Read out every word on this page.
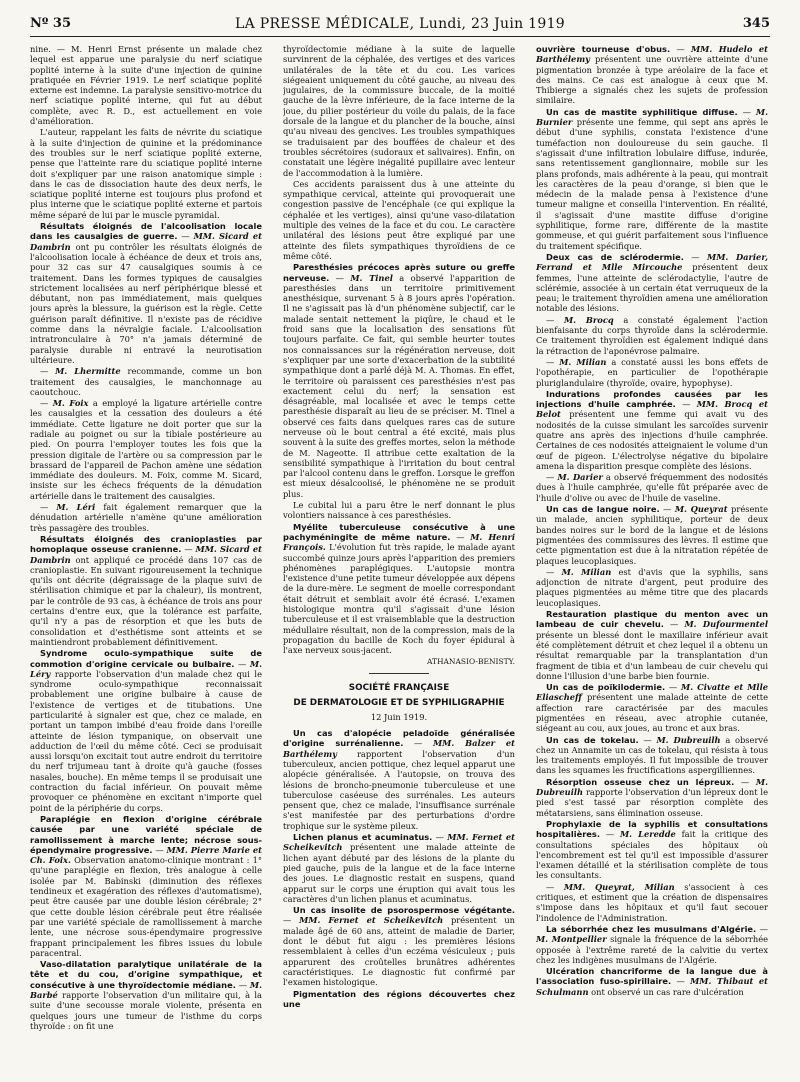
Nº 35	LA PRESSE MÉDICALE, Lundi, 23 Juin 1919	345

nine. — M. Henri Ernst présente un malade chez lequel est apparue une paralysie du nerf sciatique poplité interne à la suite d'une injection de quinine pratiquée en Février 1919. Le nerf sciatique poplité externe est indemne. La paralysie sensitivo-motrice du nerf sciatique poplité interne, qui fut au début complète, avec R. D., est actuellement en voie d'amélioration.

L'auteur, rappelant les faits de névrite du sciatique à la suite d'injection de quinine et la prédominance des troubles sur le nerf sciatique poplité externe, pense que l'atteinte rare du sciatique poplité interne doit s'expliquer par une raison anatomique simple : dans le cas de dissociation haute des deux nerfs, le sciatique poplité interne est toujours plus profond et plus interne que le sciatique poplité externe et partois même séparé de lui par le muscle pyramidal.

Résultats éloignés de l'alcoolisation locale dans les causalgies de guerre. — MM. Sicard et Dambrin ont pu contrôler les résultats éloignés de l'alcoolisation locale à échéance de deux et trois ans, pour 32 cas sur 47 causalgiques soumis à ce traitement. Dans les formes typiques de causalgies strictement localisées au nerf périphérique blessé et débutant, non pas immédiatement, mais quelques jours après la blessure, la guérison est la règle. Cette guérison paraît définitive. Il n'existe pas de récidive comme dans la névralgie faciale. L'alcoolisation intratronculaire à 70° n'a jamais déterminé de paralysie durable ni entravé la neurotisation ultérieure.

— M. Lhermitte recommande, comme un bon traitement des causalgies, le manchonnage au caoutchouc.

— M. Foix a employé la ligature artérielle contre les causalgies et la cessation des douleurs a été immédiate. Cette ligature ne doit porter que sur la radiale au poignet ou sur la tibiale postérieure au pied. On pourra l'employer toutes les fois que la pression digitale de l'artère ou sa compression par le brassard de l'appareil de Pachon amène une sédation immédiate des douleurs. M. Foix, comme M. Sicard, insiste sur les échecs fréquents de la dénudation artérielle dans le traitement des causalgies.

— M. Léri fait également remarquer que la dénudation artérielle n'amène qu'une amélioration très passagère des troubles.

Résultats éloignés des cranioplasties par homoplaque osseuse cranienne. — MM. Sicard et Dambrin ont appliqué ce procédé dans 107 cas de cranioplastie. En suivant rigoureusement la technique qu'ils ont décrite (dégraissage de la plaque suivi de stérilisation chimique et par la chaleur), ils montrent, par le contrôle de 93 cas, à échéance de trois ans pour certains d'entre eux, que la tolérance est parfaite, qu'il n'y a pas de résorption et que les buts de consolidation et d'esthétisme sont atteints et se maintiendront probablement définitivement.

Syndrome oculo-sympathique suite de commotion d'origine cervicale ou bulbaire. — M. Léry rapporte l'observation d'un malade chez qui le syndrome oculo-sympathique reconnaissait probablement une origine bulbaire à cause de l'existence de vertiges et de titubations. Une particularité à signaler est que, chez ce malade, en portant un tampon imbibé d'eau froide dans l'oreille atteinte de lésion tympanique, on observait une adduction de l'œil du même côté. Ceci se produisait aussi lorsqu'on excitait tout autre endroit du territoire du nerf trijumeau tant à droite qu'à gauche (fosses nasales, bouche). En même temps il se produisait une contraction du facial inférieur. On pouvait même provoquer ce phénomène en excitant n'importe quel point de la périphérie du corps.

Paraplégie en flexion d'origine cérébrale causée par une variété spéciale de ramollissement à marche lente; nécrose sous-épendymaire progressive. — MM. Pierre Marie et Ch. Foix. Observation anatomo-clinique montrant : 1° qu'une paraplégie en flexion, très analogue à celle isolée par M. Babinski (diminution des réflexes tendineux et exagération des réflexes d'automatisme), peut être causée par une double lésion cérébrale; 2° que cette double lésion cérébrale peut être réalisée par une variété spéciale de ramollissement à marche lente, une nécrose sous-épendymaire progressive frappant principalement les fibres issues du lobule paracentral.

Vaso-dilatation paralytique unilatérale de la tête et du cou, d'origine sympathique, et consécutive à une thyroïdectomie médiane. — M. Barbé rapporte l'observation d'un militaire qui, à la suite d'une secousse morale violente, présenta en quelques jours une tumeur de l'isthme du corps thyroïde : on fit une

thyroïdectomie médiane à la suite de laquelle survinrent de la céphalée, des vertiges et des varices unilatérales de la tête et du cou. Les varices siégeaient uniquement du côté gauche, au niveau des jugulaires, de la commissure buccale, de la moitié gauche de la lèvre inférieure, de la face interne de la joue, du pilier postérieur du voile du palais, de la face dorsale de la langue et du plancher de la bouche, ainsi qu'au niveau des gencives. Les troubles sympathiques se traduisaient par des bouffées de chaleur et des troubles sécrétoires (sudoraux et salivaires). Enfin, on constatait une légère inégalité pupillaire avec lenteur de l'accommodation à la lumière.

Ces accidents paraissent dus à une atteinte du sympathique cervical, atteinte qui provoquerait une congestion passive de l'encéphale (ce qui explique la céphalée et les vertiges), ainsi qu'une vaso-dilatation multiple des veines de la face et du cou. Le caractère unilatéral des lésions peut être expliqué par une atteinte des filets sympathiques thyroïdiens de ce même côté.

Paresthésies précoces après suture ou greffe nerveuse. — M. Tinel a observé l'apparition de paresthésies dans un territoire primitivement anesthésique, survenant 5 à 8 jours après l'opération. Il ne s'agissait pas là d'un phénomène subjectif, car le malade sentait nettement la piqûre, le chaud et le froid sans que la localisation des sensations fût toujours parfaite. Ce fait, qui semble heurter toutes nos connaissances sur la régénération nerveuse, doit s'expliquer par une sorte d'exacerbation de la subtilité sympathique dont a parlé déjà M. A. Thomas. En effet, le territoire où paraissent ces paresthésies n'est pas exactement celui du nerf; la sensation est désagréable, mal localisée et avec le temps cette paresthésie disparaît au lieu de se préciser. M. Tinel a observé ces faits dans quelques rares cas de suture nerveuse où le bout central a été excité, mais plus souvent à la suite des greffes mortes, selon la méthode de M. Nageotte. Il attribue cette exaltation de la sensibilité sympathique à l'irritation du bout central par l'alcool contenu dans le greffon. Lorsque le greffon est mieux désalcoolisé, le phénomène ne se produit plus.

Le cubital lui a paru être le nerf donnant le plus volontiers naissance à ces paresthésies.

Myélite tuberculeuse consécutive à une pachyméningite de même nature. — M. Henri François. L'évolution fut très rapide, le malade ayant succombé quinze jours après l'apparition des premiers phénomènes paraplégiques. L'autopsie montra l'existence d'une petite tumeur développée aux dépens de la dure-mère. Le segment de moelle correspondant était détruit et semblait avoir été écrasé. L'examen histologique montra qu'il s'agissait d'une lésion tuberculeuse et il est vraisemblable que la destruction médullaire résultait, non de la compression, mais de la propagation du bacille de Koch du foyer épidural à l'axe nerveux sous-jacent.

ATHANASIO-BENISTY.
SOCIÉTÉ FRANÇAISE
DE DERMATOLOGIE ET DE SYPHILIGRAPHIE
12 Juin 1919.

Un cas d'alopécie peladoïde généralisée d'origine surrénalienne. — MM. Balzer et Barthélemy rapportent l'observation d'un tuberculeux, ancien pottique, chez lequel apparut une alopécie généralisée. A l'autopsie, on trouva des lésions de broncho-pneumonie tuberculeuse et une tuberculose caséeuse des surrénales. Les auteurs pensent que, chez ce malade, l'insuffisance surrénale s'est manifestée par des perturbations d'ordre trophique sur le système pileux.

Lichen planus et acuminatus. — MM. Fernet et Scheikevitch présentent une malade atteinte de lichen ayant débuté par des lésions de la plante du pied gauche, puis de la langue et de la face interne des joues. Le diagnostic restait en suspens, quand apparut sur le corps une éruption qui avait tous les caractères d'un lichen planus et acuminatus.

Un cas insolite de psorospermose végétante. — MM. Fernet et Scheikevitch présentent un malade âgé de 60 ans, atteint de maladie de Darier, dont le début fut aigu : les premières lésions ressemblaient à celles d'un eczéma vésiculeux ; puis apparurent des croûtelles brunâtres adhérentes caractéristiques. Le diagnostic fut confirmé par l'examen histologique.

Pigmentation des régions découvertes chez une

ouvrière tourneuse d'obus. — MM. Hudelo et Barthélemy présentent une ouvrière atteinte d'une pigmentation bronzée à type aréolaire de la face et des mains. Ce cas est analogue à ceux que M. Thibierge a signalés chez les sujets de profession similaire.

Un cas de mastite syphilitique diffuse. — M. Burnier présente une femme, qui sept ans après le début d'une syphilis, constata l'existence d'une tuméfaction non douloureuse du sein gauche. Il s'agissait d'une infiltration lobulaire diffuse, indurée, sans retentissement ganglionnaire, mobile sur les plans profonds, mais adhérente à la peau, qui montrait les caractères de la peau d'orange, si bien que le médecin de la malade pensa à l'existence d'une tumeur maligne et conseilla l'intervention. En réalité, il s'agissait d'une mastite diffuse d'origine syphilitique, forme rare, différente de la mastite gommeuse, et qui guérit parfaitement sous l'influence du traitement spécifique.

Deux cas de sclérodermie. — MM. Darier, Ferrand et Mlle Mircouche présentent deux femmes, l'une atteinte de sclérodactylie, l'autre de sclérémie, associée à un certain état verruqueux de la peau; le traitement thyroïdien amena une amélioration notable des lésions.

— M. Brocq a constaté également l'action bienfaisante du corps thyroïde dans la sclérodermie. Ce traitement thyroïdien est également indiqué dans la rétraction de l'aponévrose palmaire.

— M. Milian a constaté aussi les bons effets de l'opothérapie, en particulier de l'opothérapie pluriglandulaire (thyroïde, ovaire, hypophyse).

Indurations profondes causées par les injections d'huile camphrée. — MM. Brocq et Belot présentent une femme qui avait vu des nodosités de la cuisse simulant les sarcoïdes survenir quatre ans après des injections d'huile camphrée. Certaines de ces nodosités atteignaient le volume d'un œuf de pigeon. L'électrolyse négative du bipolaire amena la disparition presque complète des lésions.

— M. Darier a observé fréquemment des nodosités dues à l'huile camphrée, qu'elle fût préparée avec de l'huile d'olive ou avec de l'huile de vaseline.

Un cas de langue noire. — M. Queyrat présente un malade, ancien syphilitique, porteur de deux bandes noires sur le bord de la langue et de lésions pigmentées des commissures des lèvres. Il estime que cette pigmentation est due à la nitratation répétée de plaques leucoplasiques.

— M. Milian est d'avis que la syphilis, sans adjonction de nitrate d'argent, peut produire des plaques pigmentées au même titre que des placards leucoplasiques.

Restauration plastique du menton avec un lambeau de cuir chevelu. — M. Dufourmentel présente un blessé dont le maxillaire inférieur avait été complètement détruit et chez lequel il a obtenu un résultat remarquable par la transplantation d'un fragment de tibia et d'un lambeau de cuir chevelu qui donne l'illusion d'une barbe bien fournie.

Un cas de poïkilodermie. — M. Civatte et Mlle Eliascheff présentent une malade atteinte de cette affection rare caractérisée par des macules pigmentées en réseau, avec atrophie cutanée, siégeant au cou, aux joues, au tronc et aux bras.

Un cas de tokelau. — M. Dubreuilh a observé chez un Annamite un cas de tokelau, qui résista à tous les traitements employés. Il fut impossible de trouver dans les squames les fructifications aspergilliennes.

Résorption osseuse chez un lépreux. — M. Dubreuilh rapporte l'observation d'un lépreux dont le pied s'est tassé par résorption complète des métatarsiens, sans élimination osseuse.

Prophylaxie de la syphilis et consultations hospitalières. — M. Leredde fait la critique des consultations spéciales des hôpitaux où l'encombrement est tel qu'il est impossible d'assurer l'examen détaillé et la stérilisation complète de tous les consultants.

— MM. Queyrat, Milian s'associent à ces critiques, et estiment que la création de dispensaires s'impose dans les hôpitaux et qu'il faut secouer l'indolence de l'Administration.

La séborrhée chez les musulmans d'Algérie. — M. Montpellier signale la fréquence de la séborrhée opposée à l'extrême rareté de la calvitie du vertex chez les indigènes musulmans de l'Algérie.

Ulcération chancriforme de la langue due à l'association fuso-spirillaire. — MM. Thibaut et Schulmann ont observé un cas rare d'ulcération
